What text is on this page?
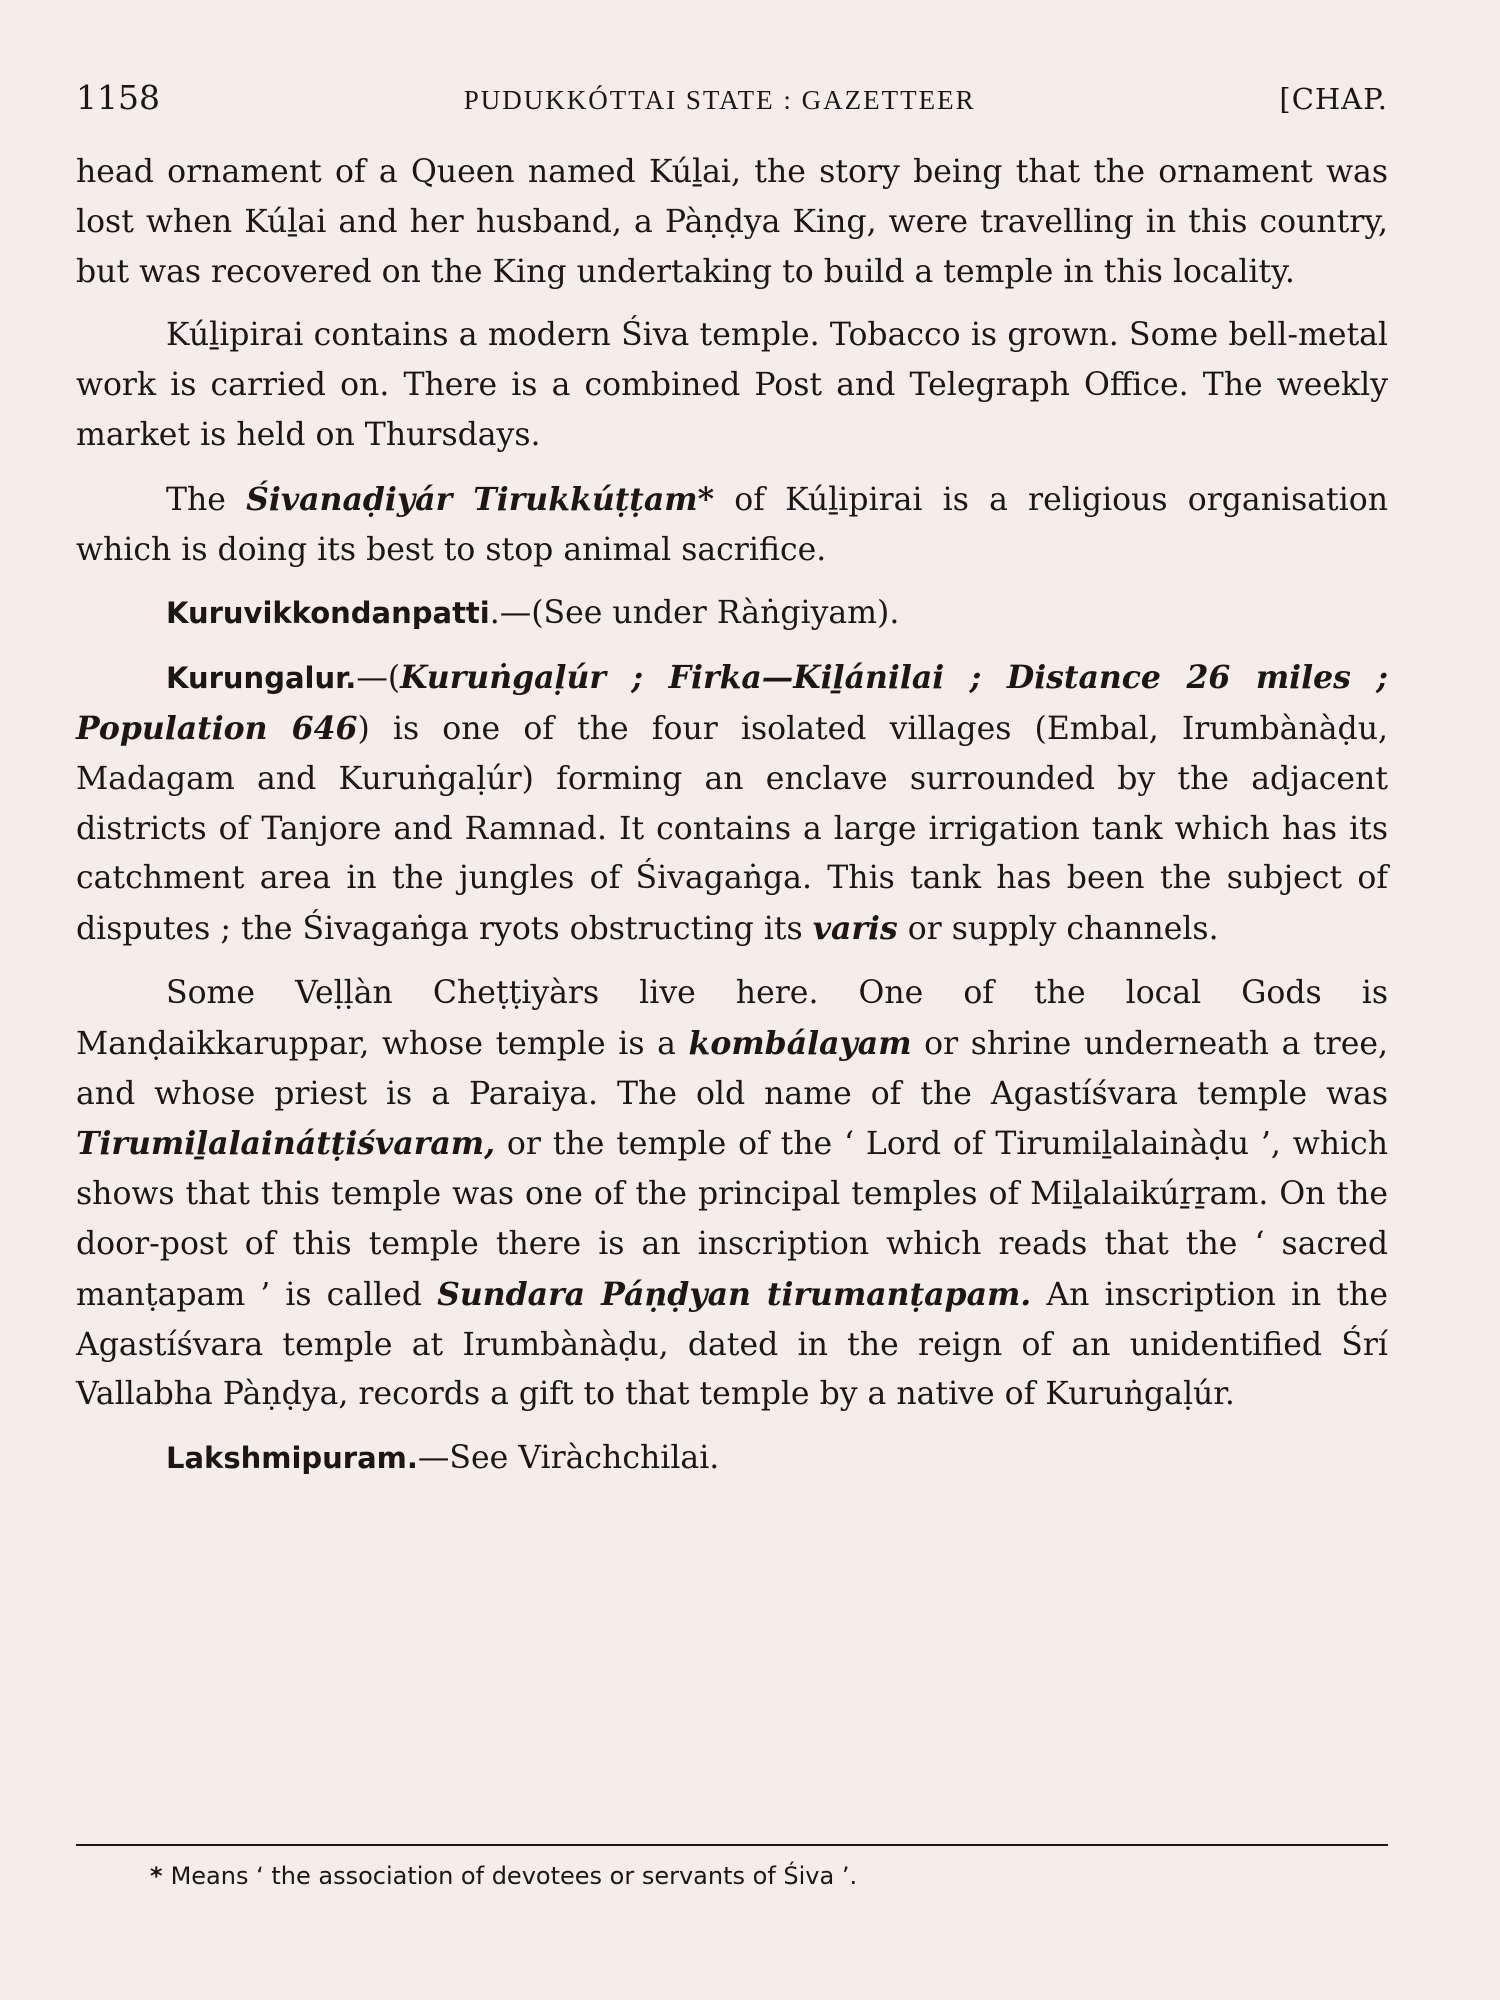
1158	PUDUKKÓTTAI STATE : GAZETTEER	[CHAP.

head ornament of a Queen named Kúḻai, the story being that the ornament was lost when Kúḻai and her husband, a Pàṇḍya King, were travelling in this country, but was recovered on the King undertaking to build a temple in this locality.

Kúḻipirai contains a modern Śiva temple. Tobacco is grown. Some bell-metal work is carried on. There is a combined Post and Telegraph Office. The weekly market is held on Thursdays.

The Śivanaḍiyár Tirukkúṭṭam* of Kúḻipirai is a religious organisation which is doing its best to stop animal sacrifice.

Kuruvikkondanpatti.—(See under Ràṅgiyam).

Kurungalur.—(Kuruṅgaḷúr ; Firka—Kiḻánilai ; Distance 26 miles ; Population 646) is one of the four isolated villages (Embal, Irumbànàḍu, Madagam and Kuruṅgaḷúr) forming an enclave surrounded by the adjacent districts of Tanjore and Ramnad. It contains a large irrigation tank which has its catchment area in the jungles of Śivagaṅga. This tank has been the subject of disputes ; the Śivagaṅga ryots obstructing its varis or supply channels.

Some Veḷḷàn Cheṭṭiyàrs live here. One of the local Gods is Manḍaikkaruppar, whose temple is a kombálayam or shrine underneath a tree, and whose priest is a Paraiya. The old name of the Agastíśvara temple was Tirumiḻalainátṭiśvaram, or the temple of the ‘ Lord of Tirumiḻalainàḍu ’, which shows that this temple was one of the principal temples of Miḻalaikúṟṟam. On the door-post of this temple there is an inscription which reads that the ‘ sacred manṭapam ’ is called Sundara Páṇḍyan tirumanṭapam. An inscription in the Agastíśvara temple at Irumbànàḍu, dated in the reign of an unidentified Śrí Vallabha Pàṇḍya, records a gift to that temple by a native of Kuruṅgaḷúr.

Lakshmipuram.—See Viràchchilai.

* Means ‘ the association of devotees or servants of Śiva ’.
